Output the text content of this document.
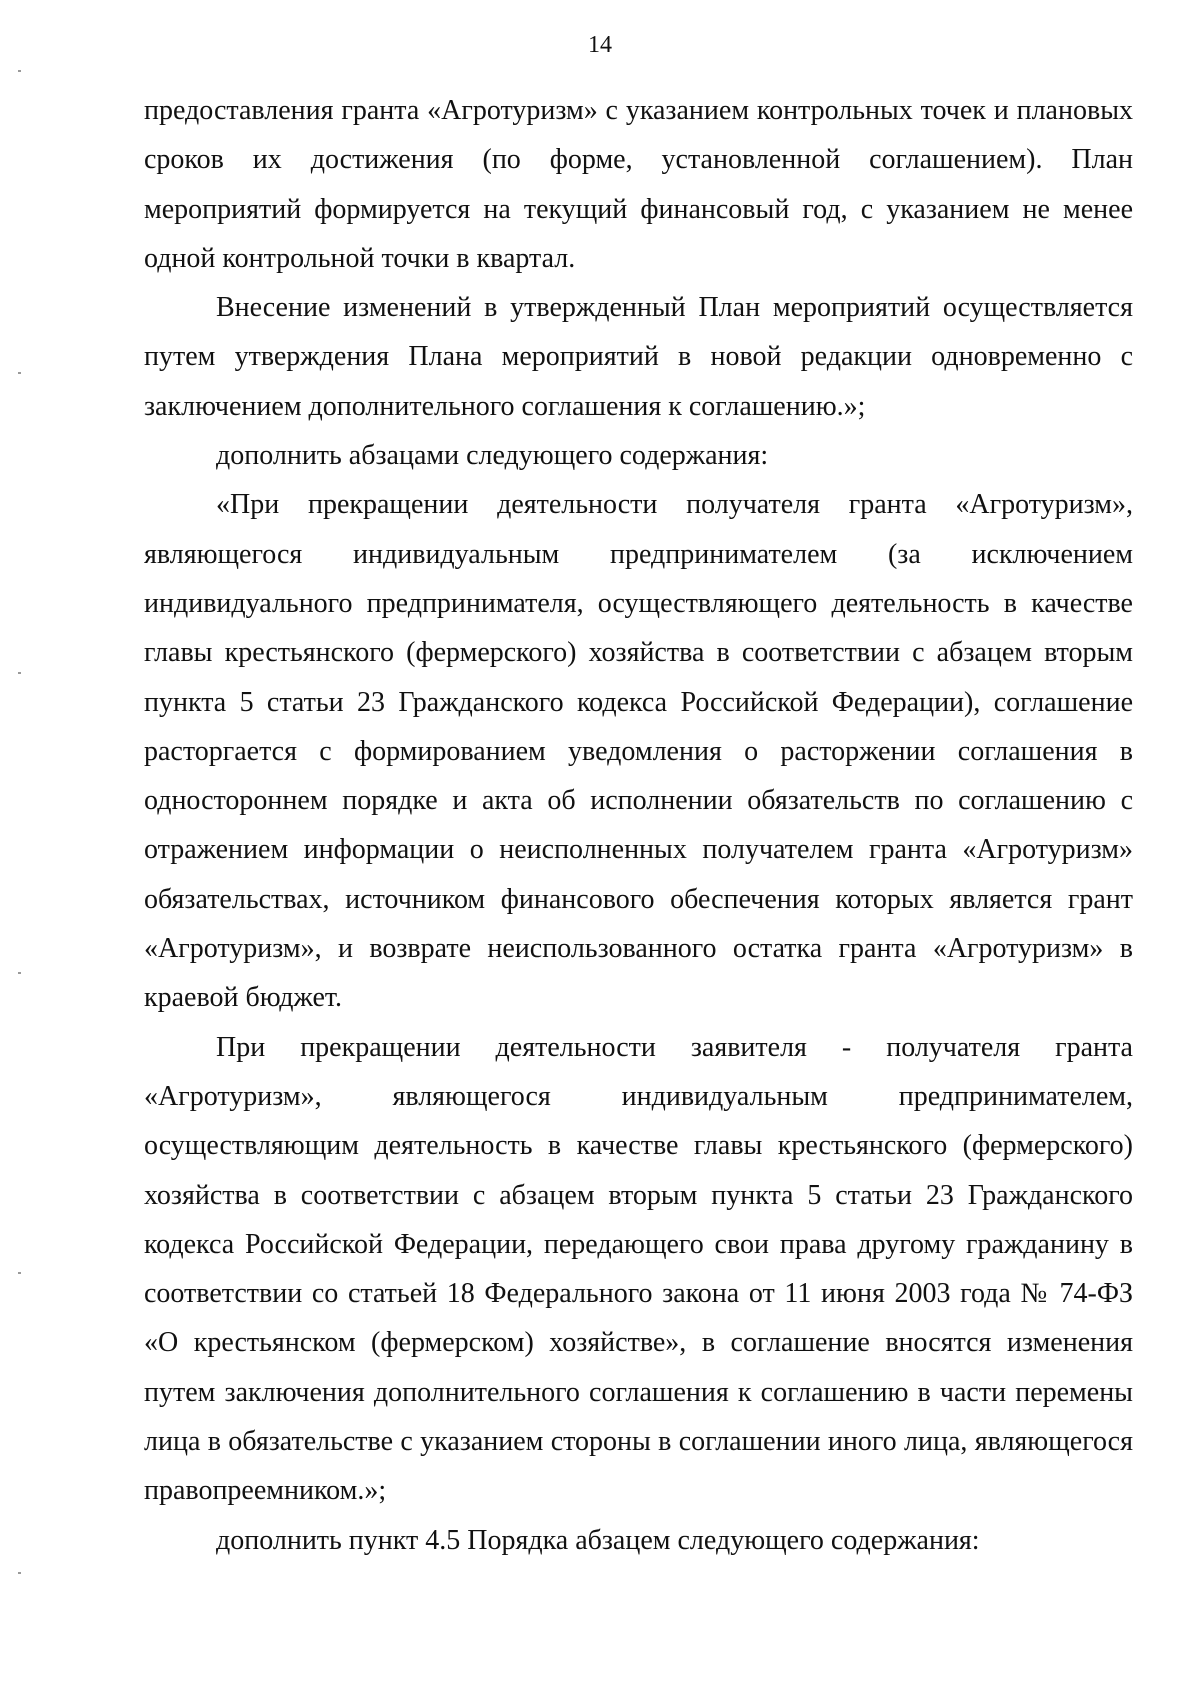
14

предоставления гранта «Агротуризм» с указанием контрольных точек и плановых сроков их достижения (по форме, установленной соглашением). План мероприятий формируется на текущий финансовый год, с указанием не менее одной контрольной точки в квартал.

Внесение изменений в утвержденный План мероприятий осуществляется путем утверждения Плана мероприятий в новой редакции одновременно с заключением дополнительного соглашения к соглашению.»;

дополнить абзацами следующего содержания:

«При прекращении деятельности получателя гранта «Агротуризм», являющегося индивидуальным предпринимателем (за исключением индивидуального предпринимателя, осуществляющего деятельность в качестве главы крестьянского (фермерского) хозяйства в соответствии с абзацем вторым пункта 5 статьи 23 Гражданского кодекса Российской Федерации), соглашение расторгается с формированием уведомления о расторжении соглашения в одностороннем порядке и акта об исполнении обязательств по соглашению с отражением информации о неисполненных получателем гранта «Агротуризм» обязательствах, источником финансового обеспечения которых является грант «Агротуризм», и возврате неиспользованного остатка гранта «Агротуризм» в краевой бюджет.

При прекращении деятельности заявителя - получателя гранта «Агротуризм», являющегося индивидуальным предпринимателем, осуществляющим деятельность в качестве главы крестьянского (фермерского) хозяйства в соответствии с абзацем вторым пункта 5 статьи 23 Гражданского кодекса Российской Федерации, передающего свои права другому гражданину в соответствии со статьей 18 Федерального закона от 11 июня 2003 года № 74-ФЗ «О крестьянском (фермерском) хозяйстве», в соглашение вносятся изменения путем заключения дополнительного соглашения к соглашению в части перемены лица в обязательстве с указанием стороны в соглашении иного лица, являющегося правопреемником.»;

дополнить пункт 4.5 Порядка абзацем следующего содержания:
